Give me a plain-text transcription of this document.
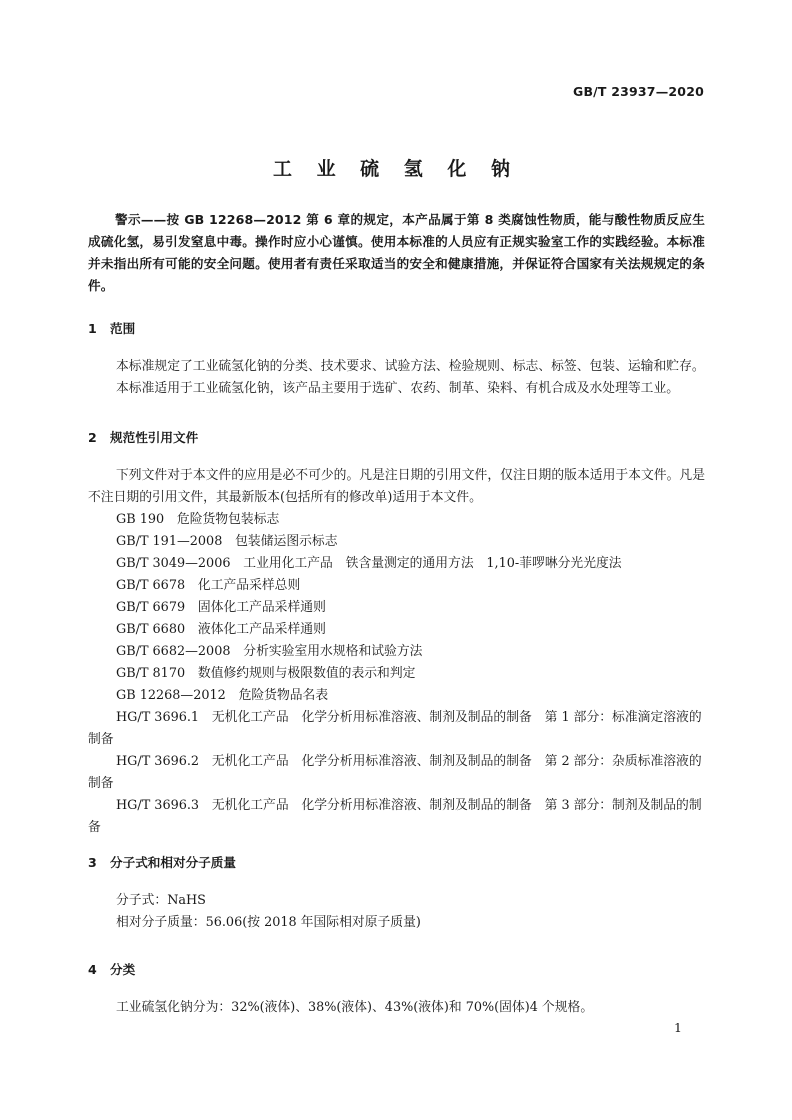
GB/T 23937—2020
工 业 硫 氢 化 钠
警示——按 GB 12268—2012 第 6 章的规定，本产品属于第 8 类腐蚀性物质，能与酸性物质反应生成硫化氢，易引发窒息中毒。操作时应小心谨慎。使用本标准的人员应有正规实验室工作的实践经验。本标准并未指出所有可能的安全问题。使用者有责任采取适当的安全和健康措施，并保证符合国家有关法规规定的条件。
1 范围
本标准规定了工业硫氢化钠的分类、技术要求、试验方法、检验规则、标志、标签、包装、运输和贮存。
本标准适用于工业硫氢化钠，该产品主要用于选矿、农药、制革、染料、有机合成及水处理等工业。
2 规范性引用文件
下列文件对于本文件的应用是必不可少的。凡是注日期的引用文件，仅注日期的版本适用于本文件。凡是不注日期的引用文件，其最新版本(包括所有的修改单)适用于本文件。
GB 190　危险货物包装标志
GB/T 191—2008　包装储运图示标志
GB/T 3049—2006　工业用化工产品　铁含量测定的通用方法　1,10-菲啰啉分光光度法
GB/T 6678　化工产品采样总则
GB/T 6679　固体化工产品采样通则
GB/T 6680　液体化工产品采样通则
GB/T 6682—2008　分析实验室用水规格和试验方法
GB/T 8170　数值修约规则与极限数值的表示和判定
GB 12268—2012　危险货物品名表
HG/T 3696.1　无机化工产品　化学分析用标准溶液、制剂及制品的制备　第 1 部分：标准滴定溶液的制备
HG/T 3696.2　无机化工产品　化学分析用标准溶液、制剂及制品的制备　第 2 部分：杂质标准溶液的制备
HG/T 3696.3　无机化工产品　化学分析用标准溶液、制剂及制品的制备　第 3 部分：制剂及制品的制备
3 分子式和相对分子质量
分子式：NaHS
相对分子质量：56.06(按 2018 年国际相对原子质量)
4 分类
工业硫氢化钠分为：32%(液体)、38%(液体)、43%(液体)和 70%(固体)4 个规格。
1
